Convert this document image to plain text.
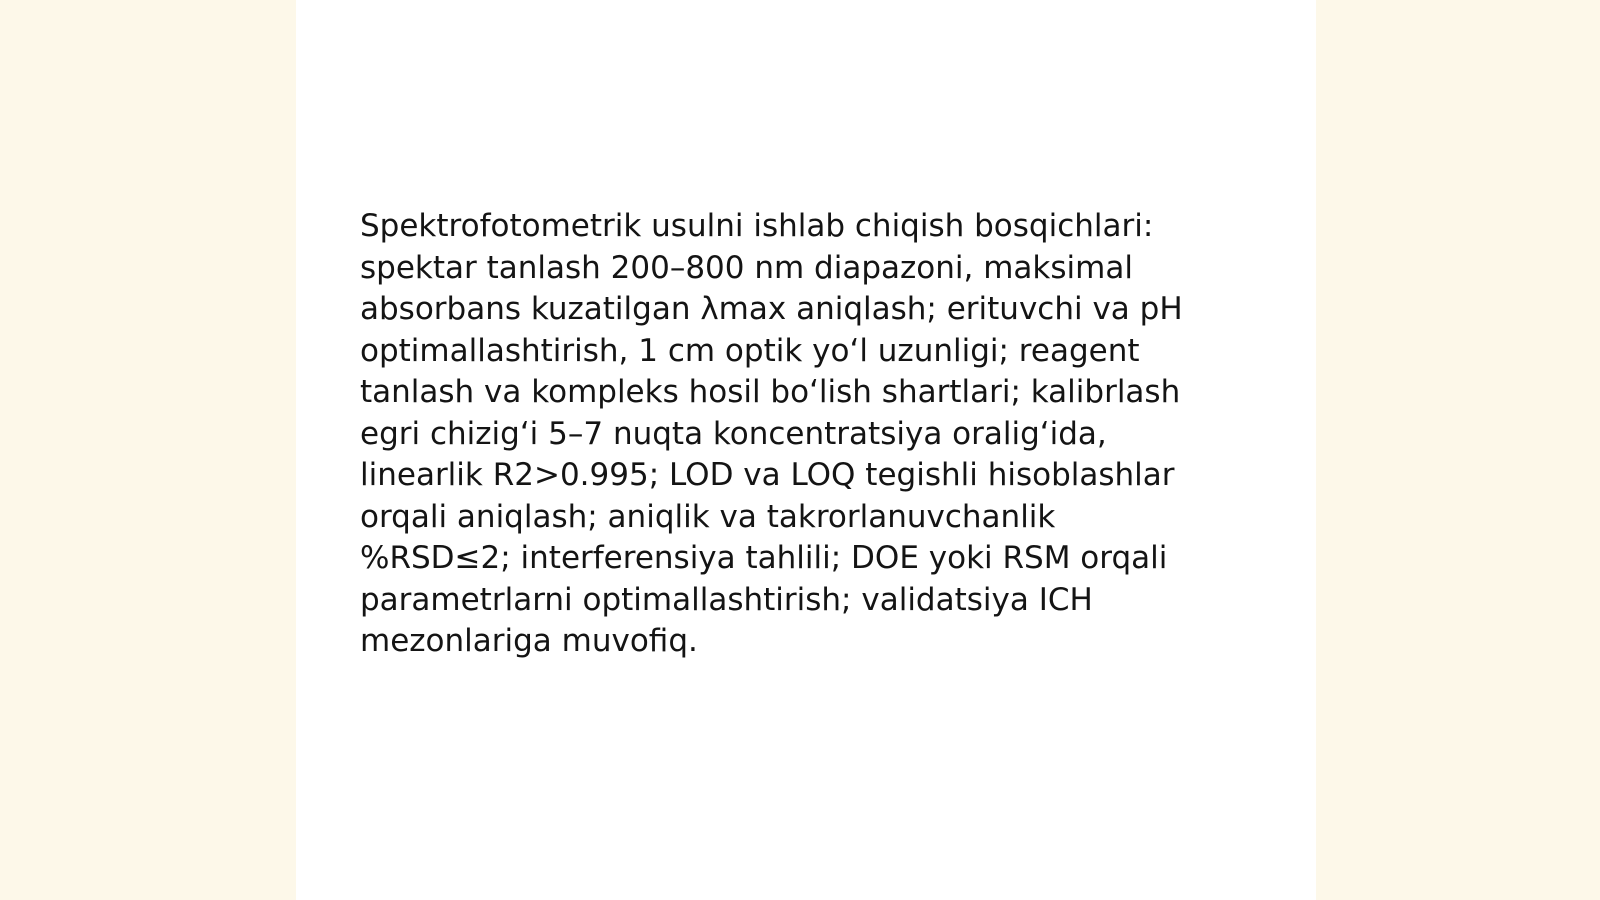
Spektrofotometrik usulni ishlab chiqish bosqichlari:
spektar tanlash 200–800 nm diapazoni, maksimal
absorbans kuzatilgan λmax aniqlash; erituvchi va pH
optimallashtirish, 1 cm optik yo‘l uzunligi; reagent
tanlash va kompleks hosil bo‘lish shartlari; kalibrlash
egri chizig‘i 5–7 nuqta koncentratsiya oralig‘ida,
linearlik R2>0.995; LOD va LOQ tegishli hisoblashlar
orqali aniqlash; aniqlik va takrorlanuvchanlik
%RSD≤2; interferensiya tahlili; DOE yoki RSM orqali
parametrlarni optimallashtirish; validatsiya ICH
mezonlariga muvofiq.
